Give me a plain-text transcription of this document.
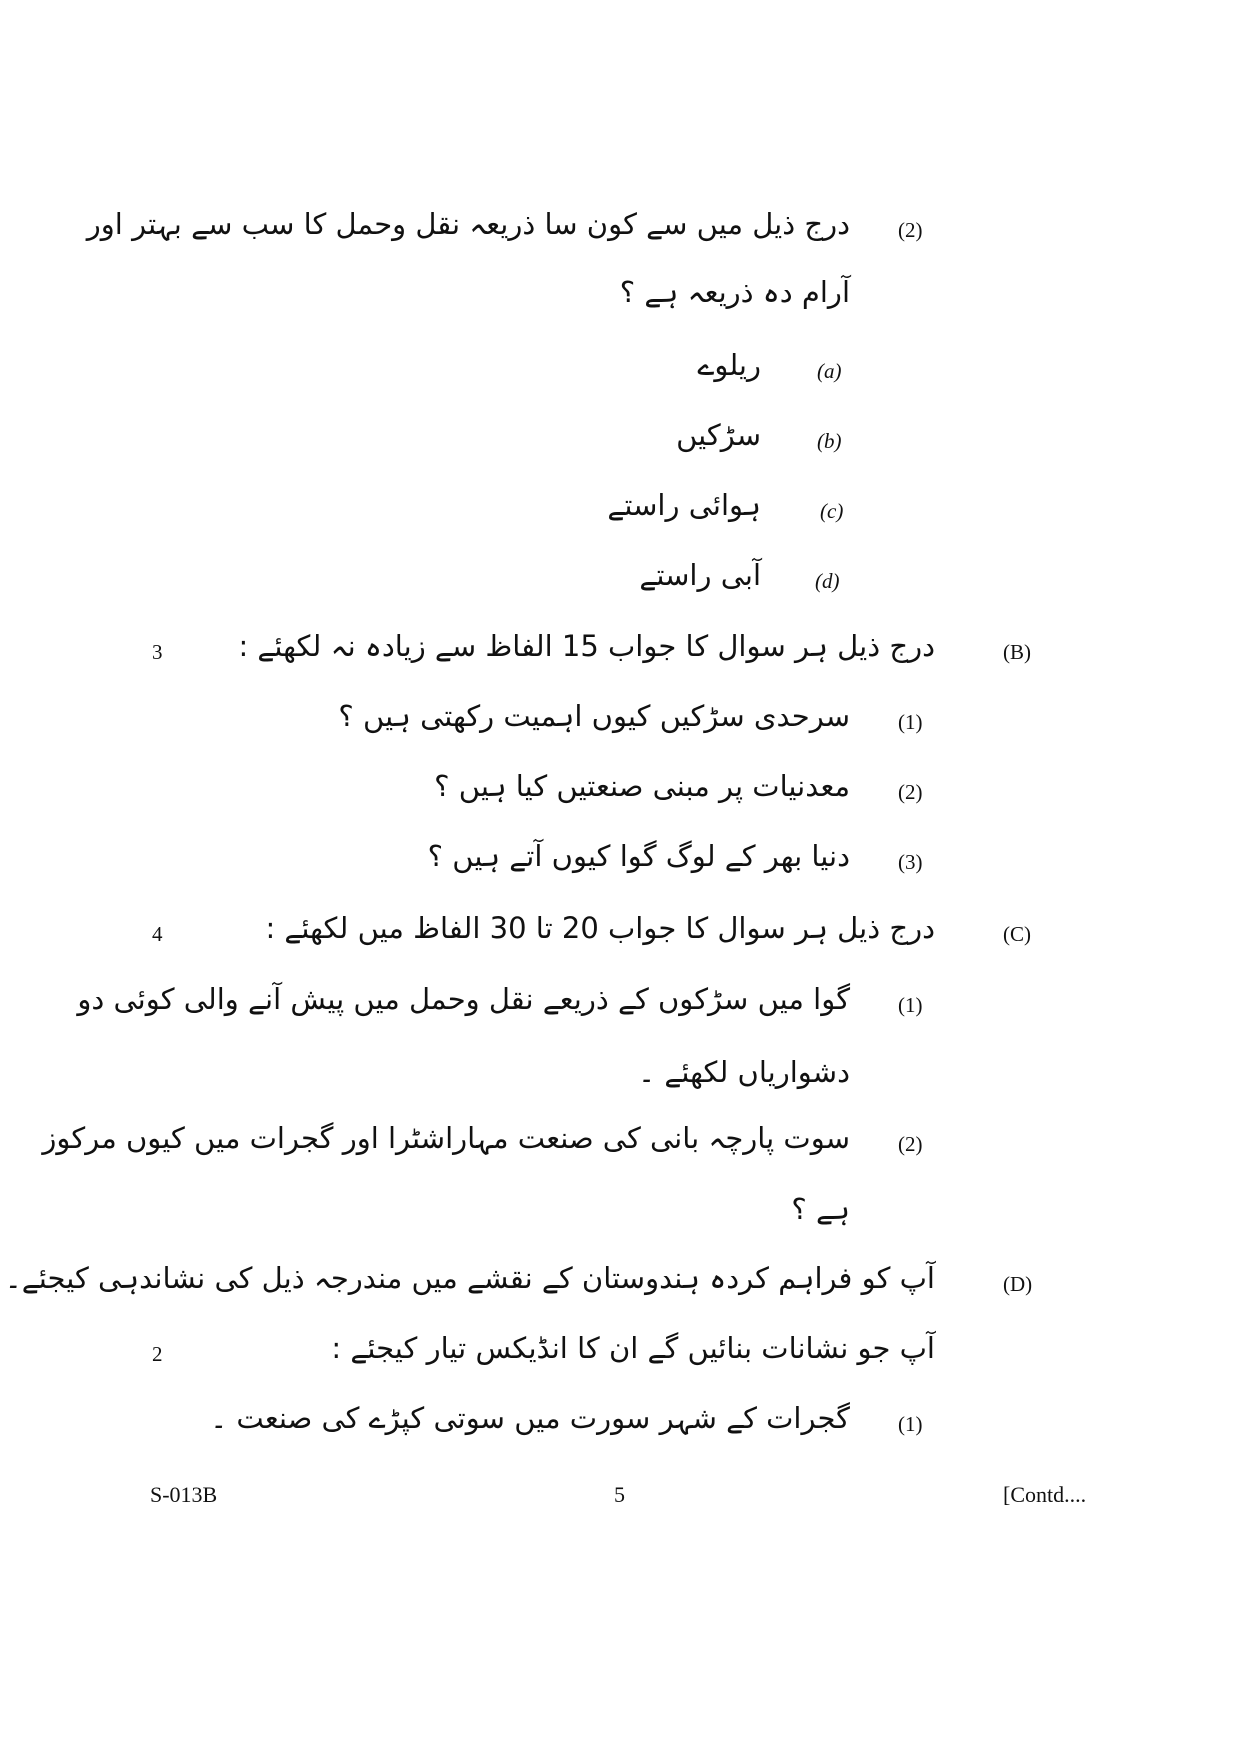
(2)
درج ذیل میں سے کون سا ذریعہ نقل وحمل کا سب سے بہتر اور
آرام دہ ذریعہ ہے ؟
(a)
ریلوے
(b)
سڑکیں
(c)
ہوائی راستے
(d)
آبی راستے
(B)
درج ذیل ہر سوال کا جواب 15 الفاظ سے زیادہ نہ لکھئے :
3
(1)
سرحدی سڑکیں کیوں اہمیت رکھتی ہیں ؟
(2)
معدنیات پر مبنی صنعتیں کیا ہیں ؟
(3)
دنیا بھر کے لوگ گوا کیوں آتے ہیں ؟
(C)
درج ذیل ہر سوال کا جواب 20 تا 30 الفاظ میں لکھئے :
4
(1)
گوا میں سڑکوں کے ذریعے نقل وحمل میں پیش آنے والی کوئی دو
دشواریاں لکھئے ۔
(2)
سوت پارچہ بانی کی صنعت مہاراشٹرا اور گجرات میں کیوں مرکوز
ہے ؟
(D)
آپ کو فراہم کردہ ہندوستان کے نقشے میں مندرجہ ذیل کی نشاندہی کیجئے۔
آپ جو نشانات بنائیں گے ان کا انڈیکس تیار کیجئے :
2
(1)
گجرات کے شہر سورت میں سوتی کپڑے کی صنعت ۔
S-013B	5	[Contd....
